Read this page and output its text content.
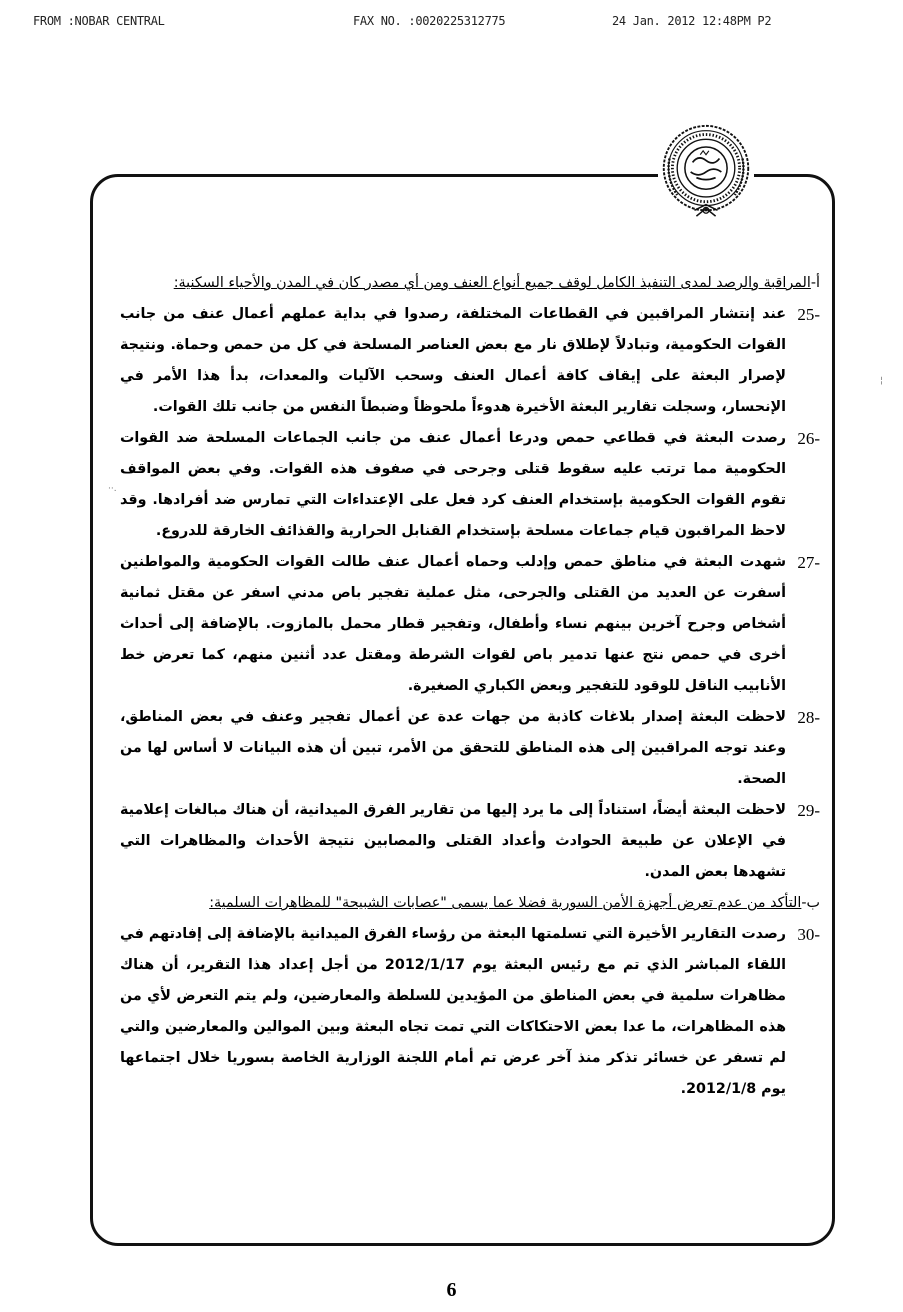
FROM :NOBAR CENTRAL	FAX NO. :0020225312775	24 Jan. 2012 12:48PM P2

أ-المراقبة والرصد لمدى التنفيذ الكامل لوقف جميع أنواع العنف ومن أي مصدر كان في المدن والأحياء السكنية:

25-
عند إنتشار المراقبين في القطاعات المختلفة، رصدوا في بداية عملهم أعمال عنف من جانب القوات الحكومية، وتبادلاً لإطلاق نار مع بعض العناصر المسلحة في كل من حمص وحماة. ونتيجة لإصرار البعثة على إيقاف كافة أعمال العنف وسحب الآليات والمعدات، بدأ هذا الأمر في الإنحسار، وسجلت تقارير البعثة الأخيرة هدوءاً ملحوظاً وضبطاً النفس من جانب تلك القوات.
26-
رصدت البعثة في قطاعي حمص ودرعا أعمال عنف من جانب الجماعات المسلحة ضد القوات الحكومية مما ترتب عليه سقوط قتلى وجرحى في صفوف هذه القوات. وفي بعض المواقف تقوم القوات الحكومية بإستخدام العنف كرد فعل على الإعتداءات التي تمارس ضد أفرادها. وقد لاحظ المراقبون قيام جماعات مسلحة بإستخدام القنابل الحرارية والقذائف الخارقة للدروع.
27-
شهدت البعثة في مناطق حمص وإدلب وحماه أعمال عنف طالت القوات الحكومية والمواطنين أسفرت عن العديد من القتلى والجرحى، مثل عملية تفجير باص مدني اسفر عن مقتل ثمانية أشخاص وجرح آخرين بينهم نساء وأطفال، وتفجير قطار محمل بالمازوت. بالإضافة إلى أحداث أخرى في حمص نتج عنها تدمير باص لقوات الشرطة ومقتل عدد أثنين منهم، كما تعرض خط الأنابيب الناقل للوقود للتفجير وبعض الكباري الصغيرة.
28-
لاحظت البعثة إصدار بلاغات كاذبة من جهات عدة عن أعمال تفجير وعنف في بعض المناطق، وعند توجه المراقبين إلى هذه المناطق للتحقق من الأمر، تبين أن هذه البيانات لا أساس لها من الصحة.
29-
لاحظت البعثة أيضاً، استناداً إلى ما يرد إليها من تقارير الفرق الميدانية، أن هناك مبالغات إعلامية في الإعلان عن طبيعة الحوادث وأعداد القتلى والمصابين نتيجة الأحداث والمظاهرات التي تشهدها بعض المدن.

ب-التأكد من عدم تعرض أجهزة الأمن السورية فضلا عما يسمى "عصابات الشبيحة" للمظاهرات السلمية:

30-
رصدت التقارير الأخيرة التي تسلمتها البعثة من رؤساء الفرق الميدانية بالإضافة إلى إفادتهم في اللقاء المباشر الذي تم مع رئيس البعثة يوم 2012/1/17 من أجل إعداد هذا التقرير، أن هناك مظاهرات سلمية في بعض المناطق من المؤيدين للسلطة والمعارضين، ولم يتم التعرض لأي من هذه المظاهرات، ما عدا بعض الاحتكاكات التي تمت تجاه البعثة وبين الموالين والمعارضين والتي لم تسفر عن خسائر تذكر منذ آخر عرض تم أمام اللجنة الوزارية الخاصة بسوريا خلال اجتماعها يوم 2012/1/8.
¦
··.
6
